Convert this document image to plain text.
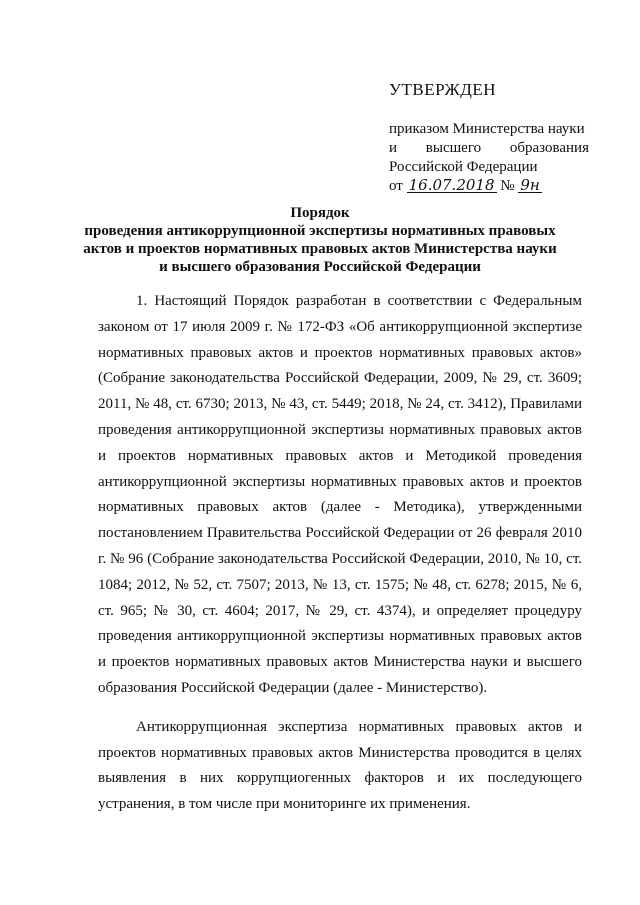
УТВЕРЖДЕН

приказом Министерства науки

и высшего образования

Российской Федерации

от 16.07.2018 № 9н

Порядок

проведения антикоррупционной экспертизы нормативных правовых

актов и проектов нормативных правовых актов Министерства науки

и высшего образования Российской Федерации

1. Настоящий Порядок разработан в соответствии с Федеральным законом от 17 июля 2009 г. № 172-ФЗ «Об антикоррупционной экспертизе нормативных правовых актов и проектов нормативных правовых актов» (Собрание законодательства Российской Федерации, 2009, № 29, ст. 3609; 2011, № 48, ст. 6730; 2013, № 43, ст. 5449; 2018, № 24, ст. 3412), Правилами проведения антикоррупционной экспертизы нормативных правовых актов и проектов нормативных правовых актов и Методикой проведения антикоррупционной экспертизы нормативных правовых актов и проектов нормативных правовых актов (далее - Методика), утвержденными постановлением Правительства Российской Федерации от 26 февраля 2010 г. № 96 (Собрание законодательства Российской Федерации, 2010, № 10, ст. 1084; 2012, № 52, ст. 7507; 2013, № 13, ст. 1575; № 48, ст. 6278; 2015, № 6, ст. 965; № 30, ст. 4604; 2017, № 29, ст. 4374), и определяет процедуру проведения антикоррупционной экспертизы нормативных правовых актов и проектов нормативных правовых актов Министерства науки и высшего образования Российской Федерации (далее - Министерство).

Антикоррупционная экспертиза нормативных правовых актов и проектов нормативных правовых актов Министерства проводится в целях выявления в них коррупциогенных факторов и их последующего устранения, в том числе при мониторинге их применения.
